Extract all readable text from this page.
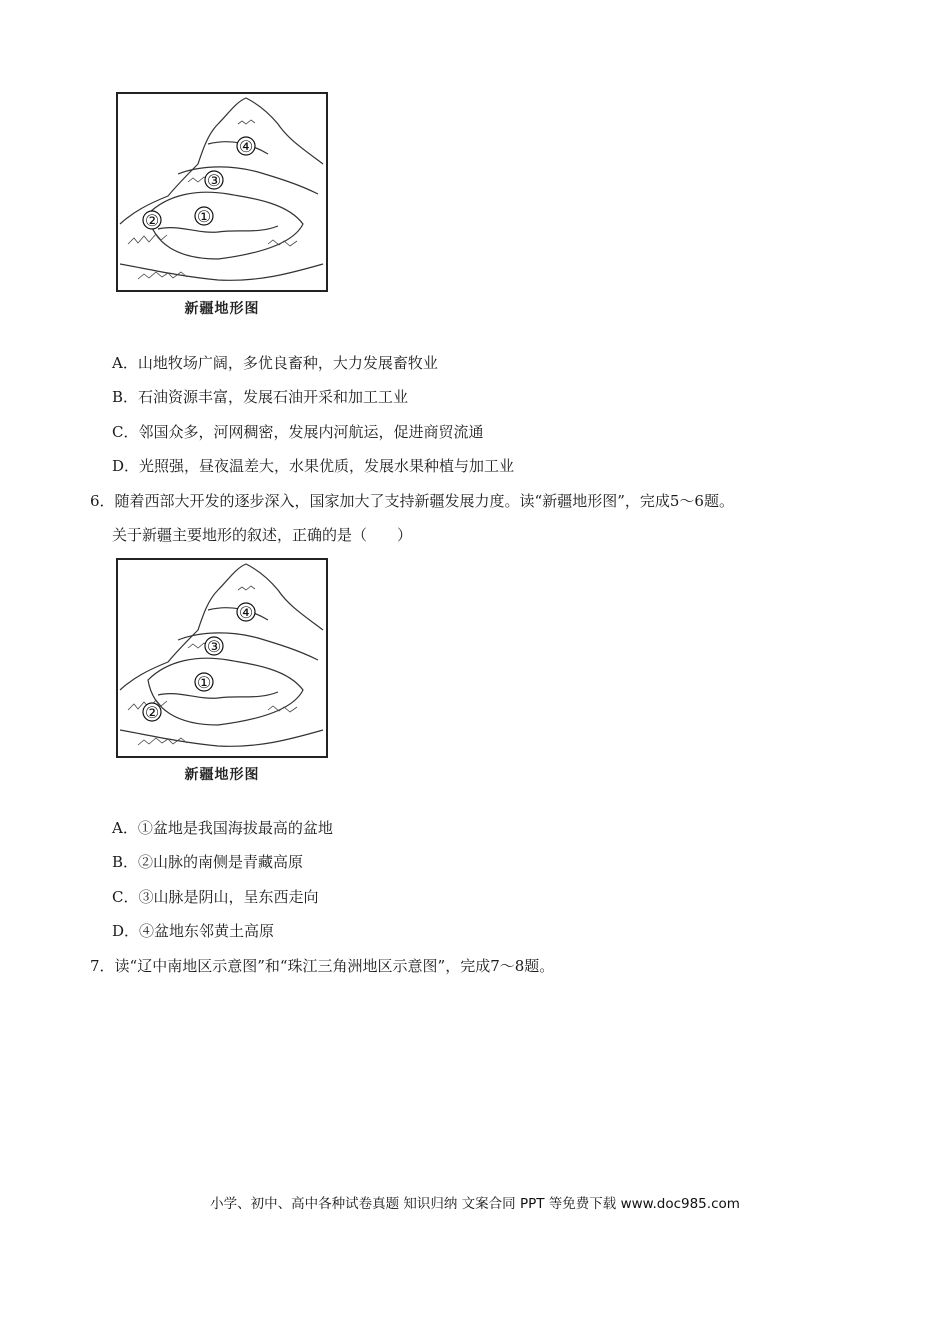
①
②
③
④
新疆地形图
A．山地牧场广阔，多优良畜种，大力发展畜牧业
B．石油资源丰富，发展石油开采和加工工业
C．邻国众多，河网稠密，发展内河航运，促进商贸流通
D．光照强，昼夜温差大，水果优质，发展水果种植与加工业
6．随着西部大开发的逐步深入，国家加大了支持新疆发展力度。读“新疆地形图”，完成5～6题。
关于新疆主要地形的叙述，正确的是（　　）
①
②
③
④
新疆地形图
A．①盆地是我国海拔最高的盆地
B．②山脉的南侧是青藏高原
C．③山脉是阴山，呈东西走向
D．④盆地东邻黄土高原
7．读“辽中南地区示意图”和“珠江三角洲地区示意图”，完成7～8题。
小学、初中、高中各种试卷真题 知识归纳 文案合同 PPT 等免费下载 www.doc985.com
